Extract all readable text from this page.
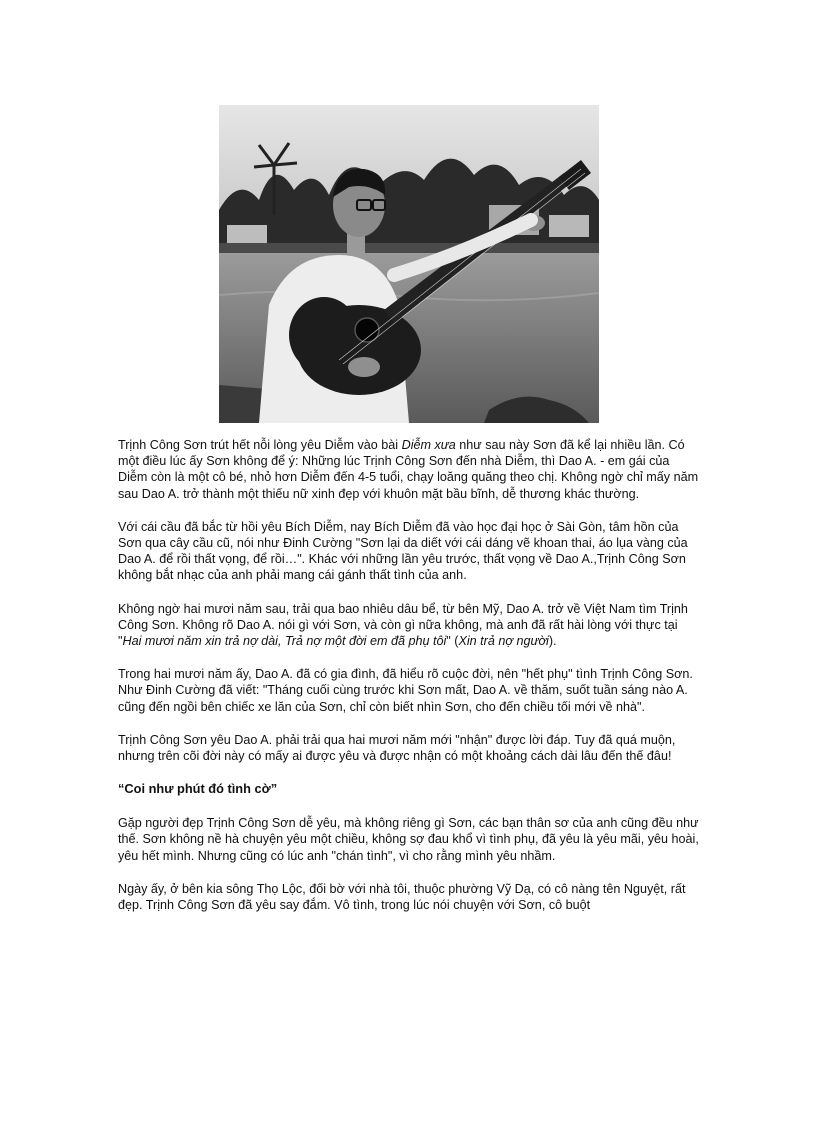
Trịnh Công Sơn trút hết nỗi lòng yêu Diễm vào bài Diễm xưa như sau này Sơn đã kể lại nhiều lần. Có một điều lúc ấy Sơn không để ý: Những lúc Trịnh Công Sơn đến nhà Diễm, thì Dao A. - em gái của Diễm còn là một cô bé, nhỏ hơn Diễm đến 4-5 tuổi, chạy loăng quăng theo chị. Không ngờ chỉ mấy năm sau Dao A. trở thành một thiếu nữ xinh đẹp với khuôn mặt bầu bĩnh, dễ thương khác thường.

Với cái cầu đã bắc từ hồi yêu Bích Diễm, nay Bích Diễm đã vào học đại học ở Sài Gòn, tâm hồn của Sơn qua cây cầu cũ, nói như Đinh Cường "Sơn lại da diết với cái dáng vẽ khoan thai, áo lụa vàng của Dao A. để rồi thất vọng, để rồi…". Khác với những lần yêu trước, thất vọng về Dao A.,Trịnh Công Sơn không bắt nhạc của anh phải mang cái gánh thất tình của anh.

Không ngờ hai mươi năm sau, trải qua bao nhiêu dâu bể, từ bên Mỹ, Dao A. trở về Việt Nam tìm Trịnh Công Sơn. Không rõ Dao A. nói gì với Sơn, và còn gì nữa không, mà anh đã rất hài lòng với thực tại "Hai mươi năm xin trả nợ dài, Trả nợ một đời em đã phụ tôi" (Xin trả nợ người).

Trong hai mươi năm ấy, Dao A. đã có gia đình, đã hiểu rõ cuộc đời, nên "hết phụ" tình Trịnh Công Sơn. Như Đinh Cường đã viết: "Tháng cuối cùng trước khi Sơn mất, Dao A. về thăm, suốt tuần sáng nào A. cũng đến ngồi bên chiếc xe lăn của Sơn, chỉ còn biết nhìn Sơn, cho đến chiều tối mới về nhà".

Trịnh Công Sơn yêu Dao A. phải trải qua hai mươi năm mới "nhận" được lời đáp. Tuy đã quá muộn, nhưng trên cõi đời này có mấy ai được yêu và được nhận có một khoảng cách dài lâu đến thế đâu!

“Coi như phút đó tình cờ”

Gặp người đẹp Trịnh Công Sơn dễ yêu, mà không riêng gì Sơn, các bạn thân sơ của anh cũng đều như thế. Sơn không nề hà chuyện yêu một chiều, không sợ đau khổ vì tình phụ, đã yêu là yêu mãi, yêu hoài, yêu hết mình. Nhưng cũng có lúc anh "chán tình", vì cho rằng mình yêu nhầm.

Ngày ấy, ở bên kia sông Thọ Lộc, đối bờ với nhà tôi, thuộc phường Vỹ Dạ, có cô nàng tên Nguyệt, rất đẹp. Trịnh Công Sơn đã yêu say đắm. Vô tình, trong lúc nói chuyện với Sơn, cô buột
